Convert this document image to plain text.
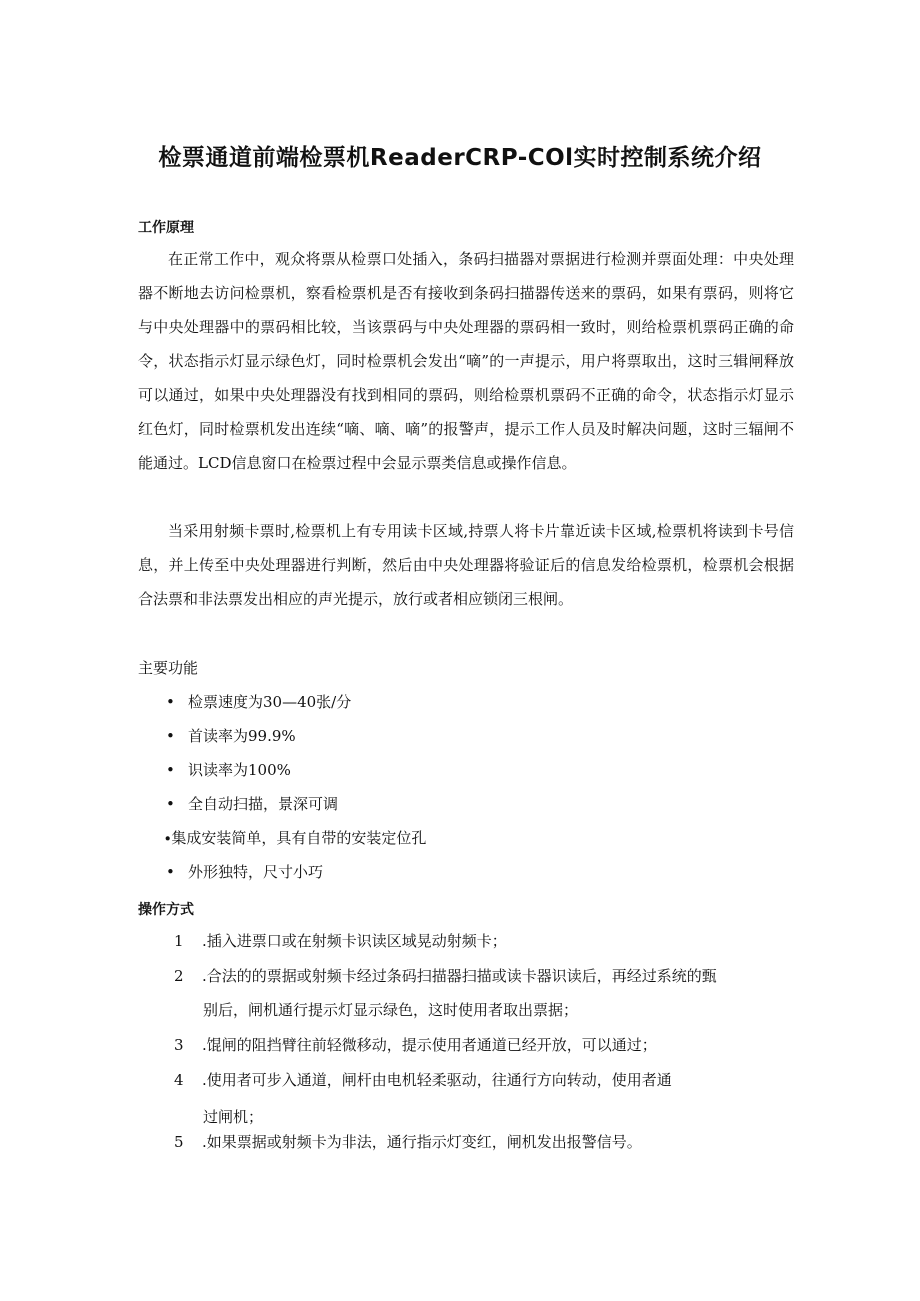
检票通道前端检票机ReaderCRP-COl实时控制系统介绍
工作原理
在正常工作中，观众将票从检票口处插入，条码扫描器对票据进行检测并票面处理：中央处理器不断地去访问检票机，察看检票机是否有接收到条码扫描器传送来的票码，如果有票码，则将它与中央处理器中的票码相比较，当该票码与中央处理器的票码相一致时，则给检票机票码正确的命令，状态指示灯显示绿色灯，同时检票机会发出“嘀”的一声提示，用户将票取出，这时三辑闸释放可以通过，如果中央处理器没有找到相同的票码，则给检票机票码不正确的命令，状态指示灯显示红色灯，同时检票机发出连续“嘀、嘀、嘀”的报警声，提示工作人员及时解决问题，这时三辐闸不能通过。LCD信息窗口在检票过程中会显示票类信息或操作信息。
当采用射频卡票时,检票机上有专用读卡区域,持票人将卡片靠近读卡区域,检票机将读到卡号信息，并上传至中央处理器进行判断，然后由中央处理器将验证后的信息发给检票机，检票机会根据合法票和非法票发出相应的声光提示，放行或者相应锁闭三根闸。
主要功能
• 检票速度为30—40张/分
• 首读率为99.9%
• 识读率为100%
• 全自动扫描，景深可调
∙集成安装简单，具有自带的安装定位孔
• 外形独特，尺寸小巧
操作方式
1 .插入进票口或在射频卡识读区域晃动射频卡；
2 .合法的的票据或射频卡经过条码扫描器扫描或读卡器识读后，再经过系统的甄
别后，闸机通行提示灯显示绿色，这时使用者取出票据；
3 .馄闸的阻挡臂往前轻微移动，提示使用者通道已经开放，可以通过；
4 .使用者可步入通道，闸杆由电机轻柔驱动，往通行方向转动，使用者通
过闸机；
5 .如果票据或射频卡为非法，通行指示灯变红，闸机发出报警信号。
